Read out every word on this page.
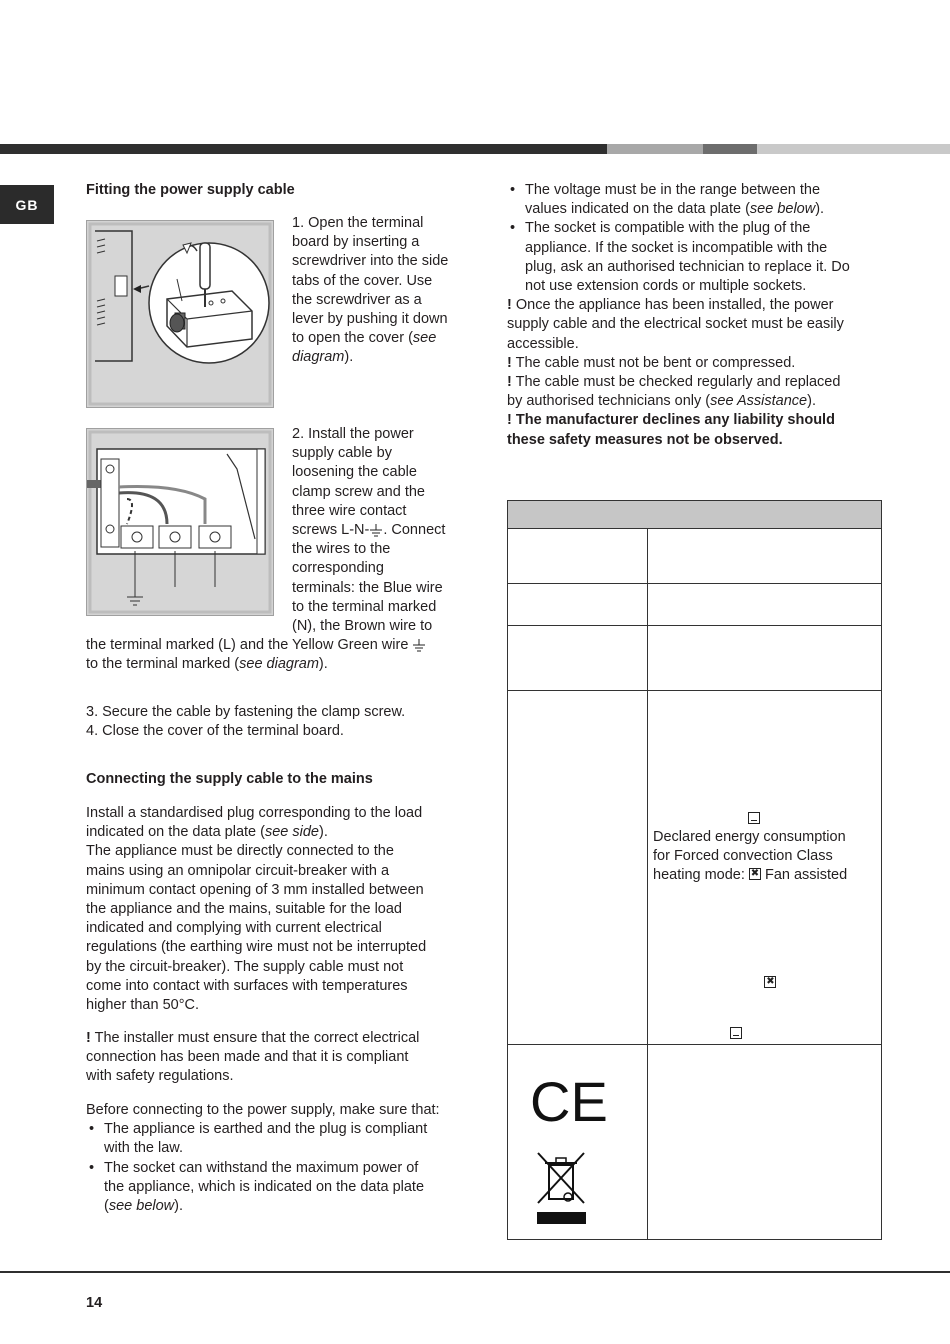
GB
Fitting the power supply cable
1. Open the terminal
board by inserting a
screwdriver into the side
tabs of the cover. Use
the screwdriver as a
lever by pushing it down
to open the cover (see
diagram).
2. Install the power
supply cable by
loosening the cable
clamp screw and the
three wire contact
screws L-N- . Connect
the wires to the
corresponding
terminals: the Blue wire
to the terminal marked
(N), the Brown wire to
the terminal marked (L) and the Yellow Green wire
to the terminal marked (see diagram).
3. Secure the cable by fastening the clamp screw.
4. Close the cover of the terminal board.
Connecting the supply cable to the mains
Install a standardised plug corresponding to the load
indicated on the data plate (see side).
The appliance must be directly connected to the
mains using an omnipolar circuit-breaker with a
minimum contact opening of 3 mm installed between
the appliance and the mains, suitable for the load
indicated and complying with current electrical
regulations (the earthing wire must not be interrupted
by the circuit-breaker). The supply cable must not
come into contact with surfaces with temperatures
higher than 50°C.
! The installer must ensure that the correct electrical
connection has been made and that it is compliant
with safety regulations.
Before connecting to the power supply, make sure that:
• The appliance is earthed and the plug is compliant
with the law.
• The socket can withstand the maximum power of
the appliance, which is indicated on the data plate
(see below).
• The voltage must be in the range between the
values indicated on the data plate (see below).
• The socket is compatible with the plug of the
appliance. If the socket is incompatible with the
plug, ask an authorised technician to replace it. Do
not use extension cords or multiple sockets.
! Once the appliance has been installed, the power
supply cable and the electrical socket must be easily
accessible.
! The cable must not be bent or compressed.
! The cable must be checked regularly and replaced
by authorised technicians only (see Assistance).
! The manufacturer declines any liability should
these safety measures not be observed.

Declared energy consumption
for Forced convection Class
heating mode: ✖ Fan assisted
✖
CE
14
